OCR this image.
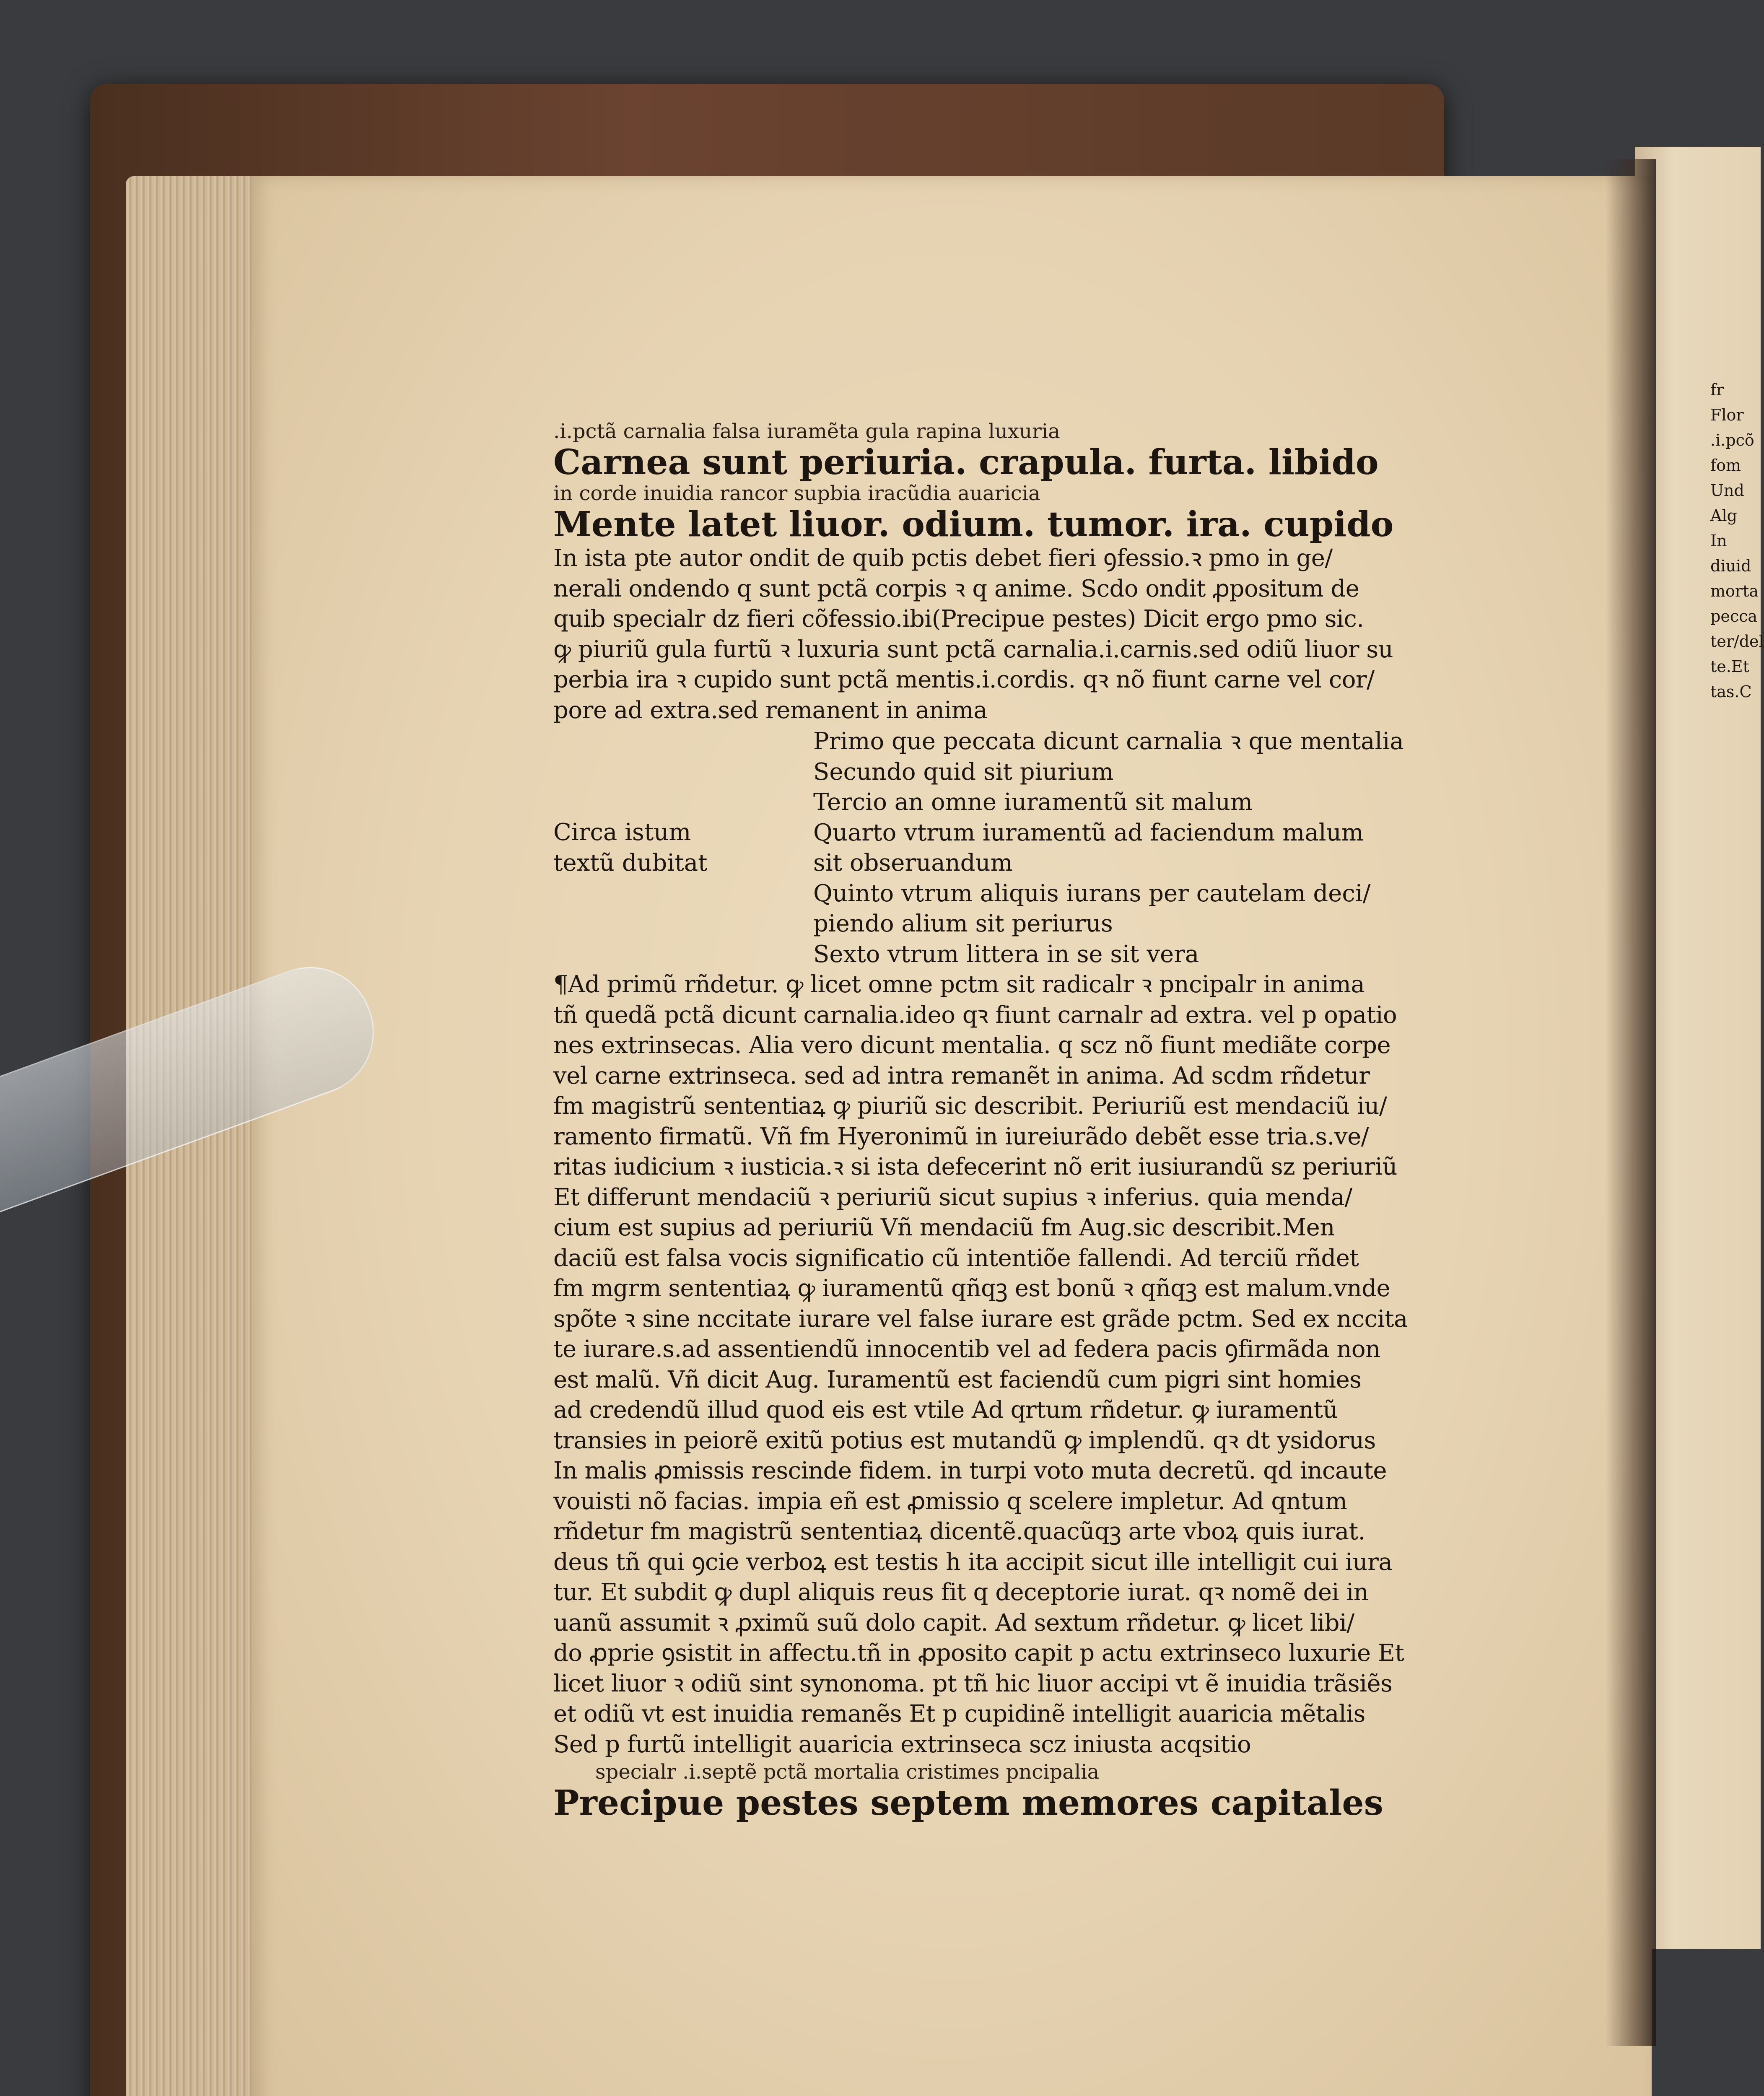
.i.pctã carnalia falsa iuramẽta gula rapina luxuria
Carnea sunt periuria. crapula. furta. libido
in corde inuidia rancor supbia iracũdia auaricia
Mente latet liuor. odium. tumor. ira. cupido
In ista pte autor ondit de quib pctis debet fieri ꝯfessio.ꝛ pmo in ge/
nerali ondendo q sunt pctã corpis ꝛ q anime. Scdo ondit ꝓpositum de
quib specialr dz fieri cõfessio.ibi(Precipue pestes) Dicit ergo pmo sic.
ꝙ piuriũ gula furtũ ꝛ luxuria sunt pctã carnalia.i.carnis.sed odiũ liuor su
perbia ira ꝛ cupido sunt pctã mentis.i.cordis. qꝛ nõ fiunt carne vel cor/
pore ad extra.sed remanent in anima
Circa istum
textũ dubitat
Primo que peccata dicunt carnalia ꝛ que mentalia
Secundo quid sit piurium
Tercio an omne iuramentũ sit malum
Quarto vtrum iuramentũ ad faciendum malum
sit obseruandum
Quinto vtrum aliquis iurans per cautelam deci/
piendo alium sit periurus
Sexto vtrum littera in se sit vera
¶Ad primũ rñdetur. ꝙ licet omne pctm sit radicalr ꝛ pncipalr in anima
tñ quedã pctã dicunt carnalia.ideo qꝛ fiunt carnalr ad extra. vel p opatio
nes extrinsecas. Alia vero dicunt mentalia. q scz nõ fiunt mediãte corpe
vel carne extrinseca. sed ad intra remanẽt in anima. Ad scdm rñdetur
fm magistrũ sententiaꝝ ꝙ piuriũ sic describit. Periuriũ est mendaciũ iu/
ramento firmatũ. Vñ fm Hyeronimũ in iureiurãdo debẽt esse tria.s.ve/
ritas iudicium ꝛ iusticia.ꝛ si ista defecerint nõ erit iusiurandũ sz periuriũ
Et differunt mendaciũ ꝛ periuriũ sicut supius ꝛ inferius. quia menda/
cium est supius ad periuriũ Vñ mendaciũ fm Aug.sic describit.Men
daciũ est falsa vocis significatio cũ intentiõe fallendi. Ad terciũ rñdet
fm mgrm sententiaꝝ ꝙ iuramentũ qñqꝫ est bonũ ꝛ qñqꝫ est malum.vnde
spõte ꝛ sine nccitate iurare vel false iurare est grãde pctm. Sed ex nccita
te iurare.s.ad assentiendũ innocentib vel ad federa pacis ꝯfirmãda non
est malũ. Vñ dicit Aug. Iuramentũ est faciendũ cum pigri sint homies
ad credendũ illud quod eis est vtile Ad qrtum rñdetur. ꝙ iuramentũ
transies in peiorẽ exitũ potius est mutandũ ꝙ implendũ. qꝛ dt ysidorus
In malis ꝓmissis rescinde fidem. in turpi voto muta decretũ. qd incaute
vouisti nõ facias. impia eñ est ꝓmissio q scelere impletur. Ad qntum
rñdetur fm magistrũ sententiaꝝ dicentẽ.quacũqꝫ arte vboꝝ quis iurat.
deus tñ qui ꝯcie verboꝝ est testis h ita accipit sicut ille intelligit cui iura
tur. Et subdit ꝙ dupl aliquis reus fit q deceptorie iurat. qꝛ nomẽ dei in
uanũ assumit ꝛ ꝓximũ suũ dolo capit. Ad sextum rñdetur. ꝙ licet libi/
do ꝓprie ꝯsistit in affectu.tñ in ꝓposito capit p actu extrinseco luxurie Et
licet liuor ꝛ odiũ sint synonoma. pt tñ hic liuor accipi vt ẽ inuidia trãsiẽs
et odiũ vt est inuidia remanẽs Et p cupidinẽ intelligit auaricia mẽtalis
Sed p furtũ intelligit auaricia extrinseca scz iniusta acqsitio
specialr .i.septẽ pctã mortalia cristimes pncipalia
Precipue pestes septem memores capitales
fr
Flor
.i.pcõ
fom
Und
Alg
In
diuid
morta
pecca
ter/del
te.Et
tas.C
